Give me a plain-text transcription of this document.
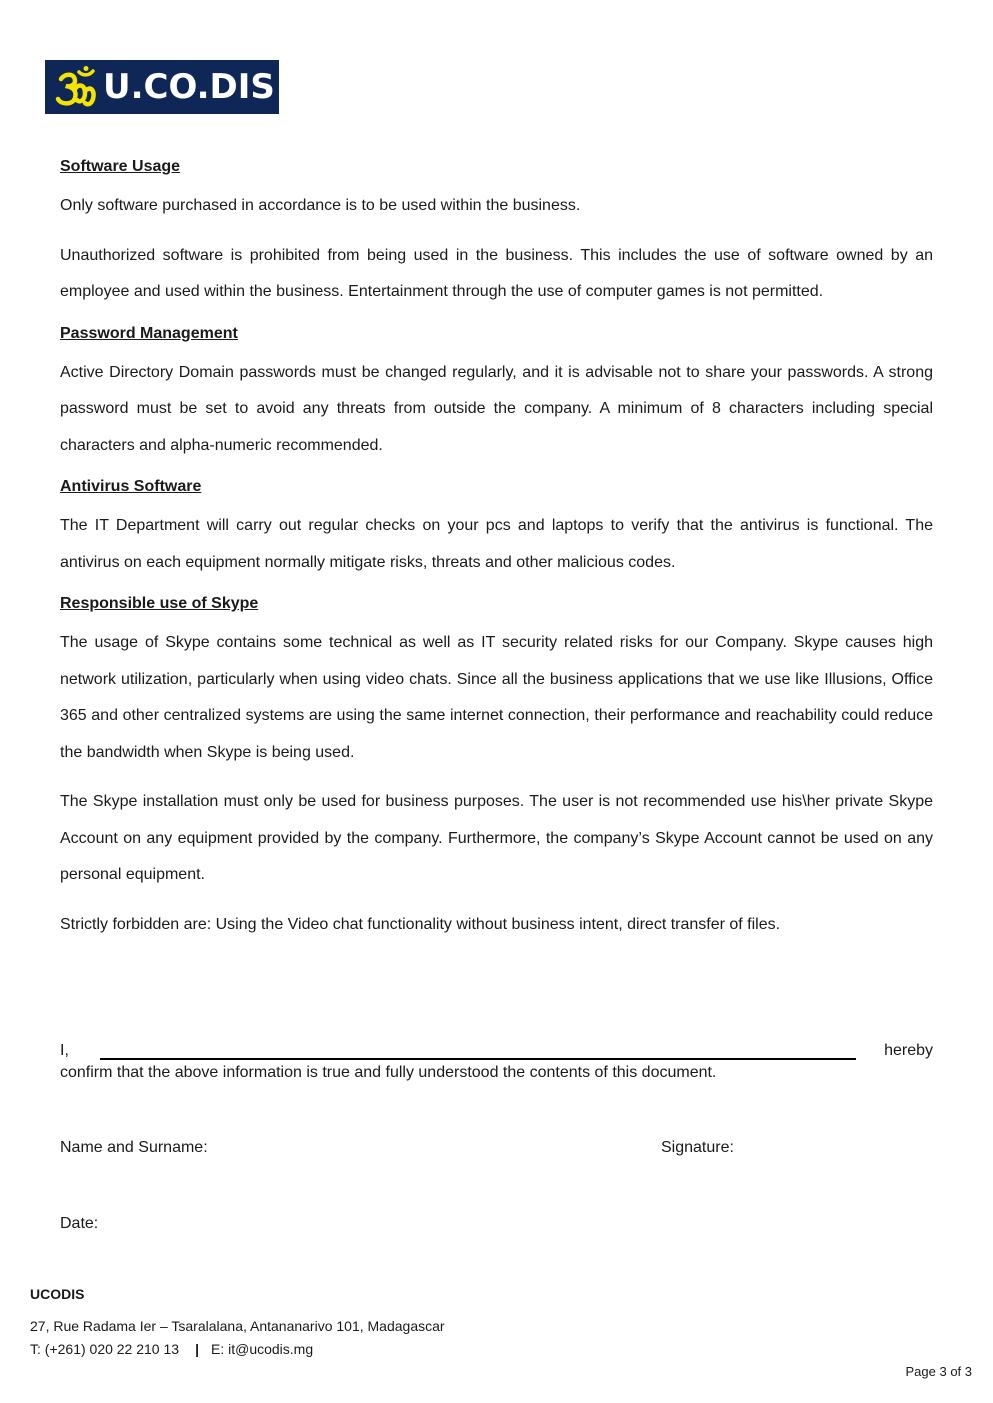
U.CO.DIS

Software Usage

Only software purchased in accordance is to be used within the business.

Unauthorized software is prohibited from being used in the business. This includes the use of software owned by an employee and used within the business. Entertainment through the use of computer games is not permitted.

Password Management

Active Directory Domain passwords must be changed regularly, and it is advisable not to share your passwords. A strong password must be set to avoid any threats from outside the company. A minimum of 8 characters including special characters and alpha-numeric recommended.

Antivirus Software

The IT Department will carry out regular checks on your pcs and laptops to verify that the antivirus is functional. The antivirus on each equipment normally mitigate risks, threats and other malicious codes.

Responsible use of Skype

The usage of Skype contains some technical as well as IT security related risks for our Company. Skype causes high network utilization, particularly when using video chats. Since all the business applications that we use like Illusions, Office 365 and other centralized systems are using the same internet connection, their performance and reachability could reduce the bandwidth when Skype is being used.

The Skype installation must only be used for business purposes. The user is not recommended use his\her private Skype Account on any equipment provided by the company. Furthermore, the company’s Skype Account cannot be used on any personal equipment.

Strictly forbidden are: Using the Video chat functionality without business intent, direct transfer of files.

I,	hereby
confirm that the above information is true and fully understood the contents of this document.
Name and Surname:	Signature:
Date:
UCODIS
27, Rue Radama Ier – Tsaralalana, Antananarivo 101, Madagascar
T: (+261) 020 22 210 13 | E: it@ucodis.mg
Page 3 of 3
